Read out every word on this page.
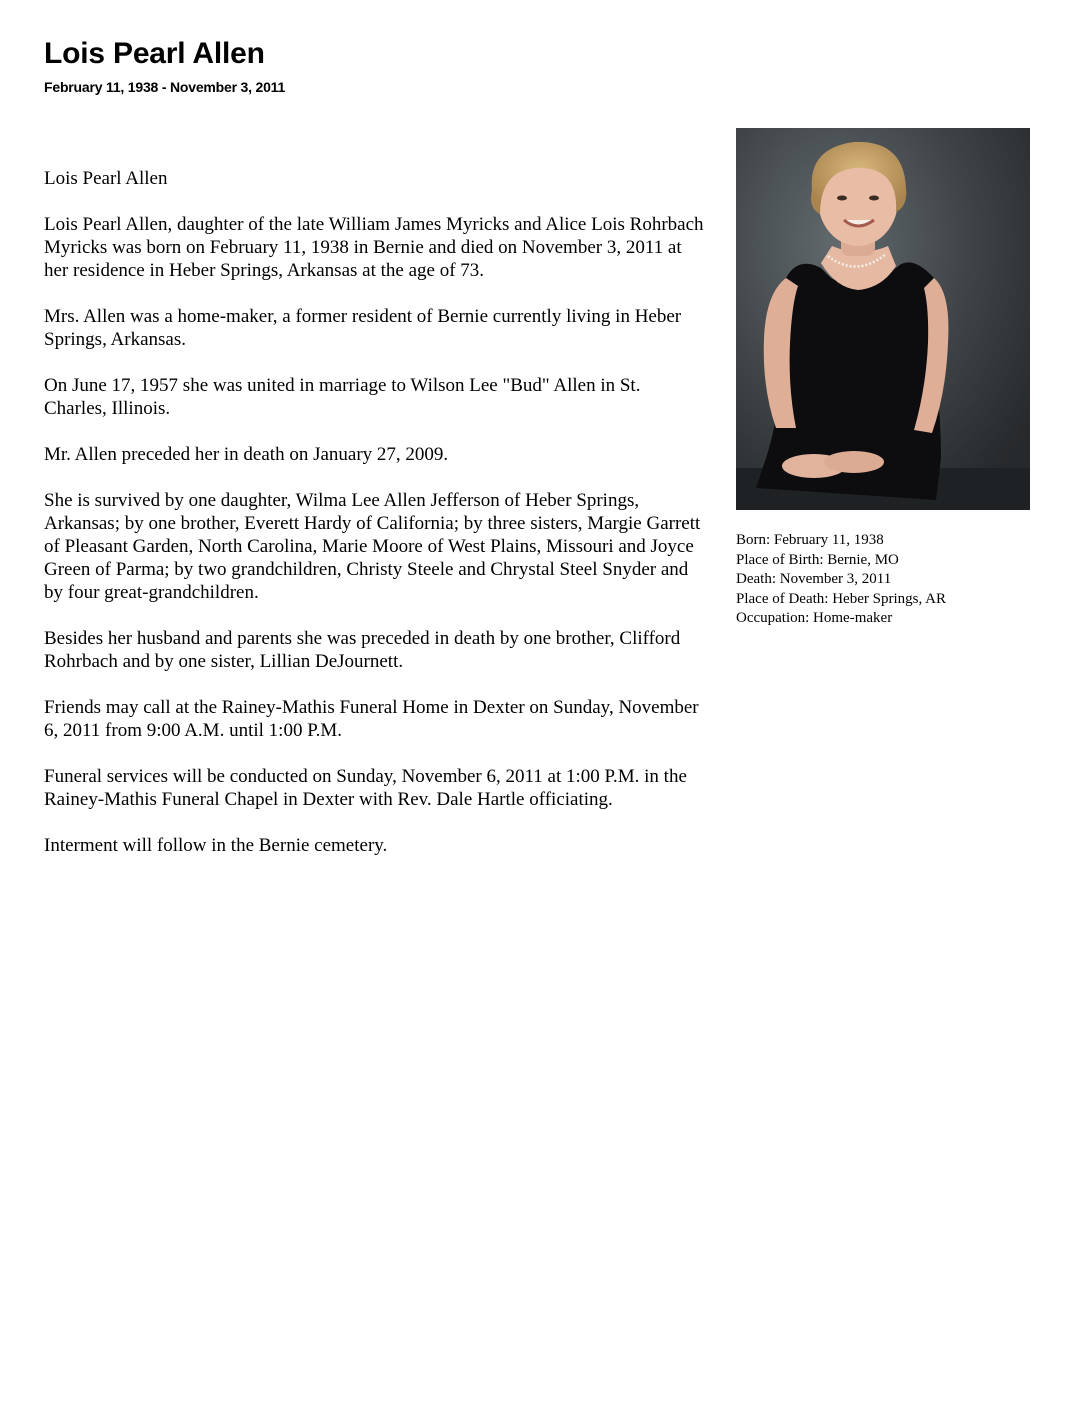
Lois Pearl Allen
February 11, 1938 - November 3, 2011

Lois Pearl Allen

Lois Pearl Allen, daughter of the late William James Myricks and Alice Lois Rohrbach Myricks was born on February 11, 1938 in Bernie and died on November 3, 2011 at her residence in Heber Springs, Arkansas at the age of 73.

Mrs. Allen was a home-maker, a former resident of Bernie currently living in Heber Springs, Arkansas.

On June 17, 1957 she was united in marriage to Wilson Lee "Bud" Allen in St. Charles, Illinois.

Mr. Allen preceded her in death on January 27, 2009.

She is survived by one daughter, Wilma Lee Allen Jefferson of Heber Springs, Arkansas; by one brother, Everett Hardy of California; by three sisters, Margie Garrett of Pleasant Garden, North Carolina, Marie Moore of West Plains, Missouri and Joyce Green of Parma; by two grandchildren, Christy Steele and Chrystal Steel Snyder and by four great-grandchildren.

Besides her husband and parents she was preceded in death by one brother, Clifford Rohrbach and by one sister, Lillian DeJournett.

Friends may call at the Rainey-Mathis Funeral Home in Dexter on Sunday, November 6, 2011 from 9:00 A.M. until 1:00 P.M.

Funeral services will be conducted on Sunday, November 6, 2011 at 1:00 P.M. in the Rainey-Mathis Funeral Chapel in Dexter with Rev. Dale Hartle officiating.

Interment will follow in the Bernie cemetery.

Born: February 11, 1938
Place of Birth: Bernie, MO
Death: November 3, 2011
Place of Death: Heber Springs, AR
Occupation: Home-maker
